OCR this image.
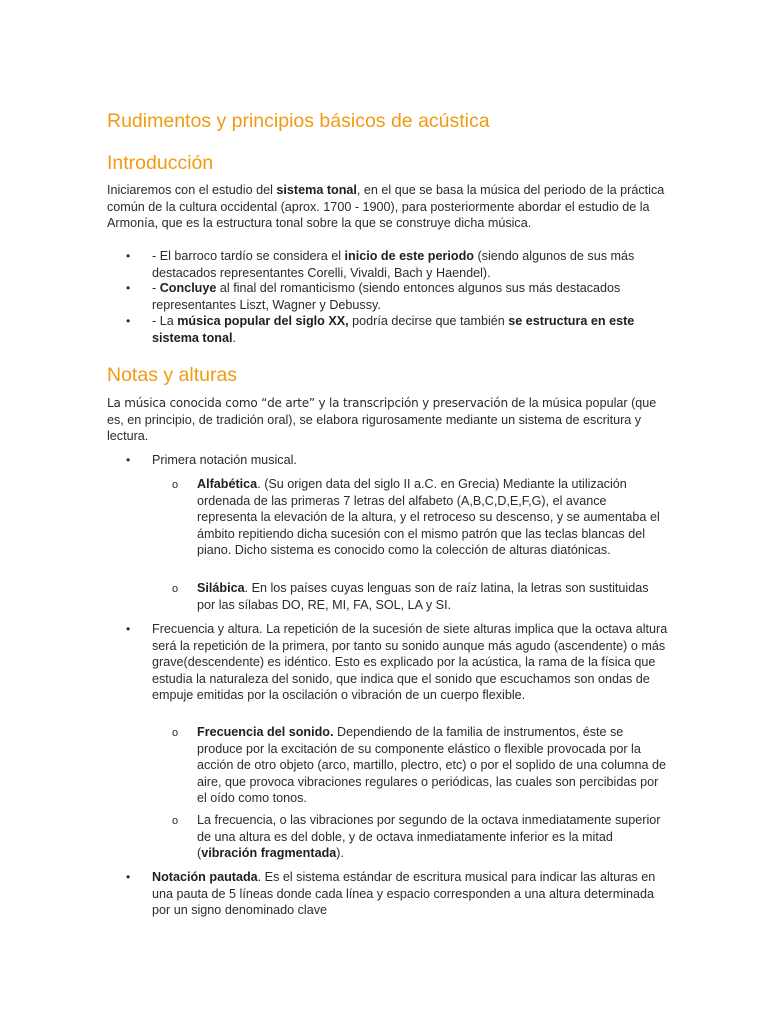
Rudimentos y principios básicos de acústica
Introducción

Iniciaremos con el estudio del sistema tonal, en el que se basa la música del periodo de la práctica común de la cultura occidental (aprox. 1700 - 1900), para posteriormente abordar el estudio de la Armonía, que es la estructura tonal sobre la que se construye dicha música.

• - El barroco tardío se considera el inicio de este periodo (siendo algunos de sus más destacados representantes Corelli, Vivaldi, Bach y Haendel).

• - Concluye al final del romanticismo (siendo entonces algunos sus más destacados representantes Liszt, Wagner y Debussy.

• - La música popular del siglo XX, podría decirse que también se estructura en este sistema tonal.

Notas y alturas

La música conocida como “de arte” y la transcripción y preservación de la música popular (que es, en principio, de tradición oral), se elabora rigurosamente mediante un sistema de escritura y lectura.

• Primera notación musical.

o Alfabética. (Su origen data del siglo II a.C. en Grecia) Mediante la utilización ordenada de las primeras 7 letras del alfabeto (A,B,C,D,E,F,G), el avance representa la elevación de la altura, y el retroceso su descenso, y se aumentaba el ámbito repitiendo dicha sucesión con el mismo patrón que las teclas blancas del piano. Dicho sistema es conocido como la colección de alturas diatónicas.

o Silábica. En los países cuyas lenguas son de raíz latina, la letras son sustituidas por las sílabas DO, RE, MI, FA, SOL, LA y SI.

• Frecuencia y altura. La repetición de la sucesión de siete alturas implica que la octava altura será la repetición de la primera, por tanto su sonido aunque más agudo (ascendente) o más grave(descendente) es idéntico. Esto es explicado por la acústica, la rama de la física que estudia la naturaleza del sonido, que indica que el sonido que escuchamos son ondas de empuje emitidas por la oscilación o vibración de un cuerpo flexible.

o Frecuencia del sonido. Dependiendo de la familia de instrumentos, éste se produce por la excitación de su componente elástico o flexible provocada por la acción de otro objeto (arco, martillo, plectro, etc) o por el soplido de una columna de aire, que provoca vibraciones regulares o periódicas, las cuales son percibidas por el oído como tonos.

o La frecuencia, o las vibraciones por segundo de la octava inmediatamente superior de una altura es del doble, y de octava inmediatamente inferior es la mitad (vibración fragmentada).

• Notación pautada. Es el sistema estándar de escritura musical para indicar las alturas en una pauta de 5 líneas donde cada línea y espacio corresponden a una altura determinada por un signo denominado clave
